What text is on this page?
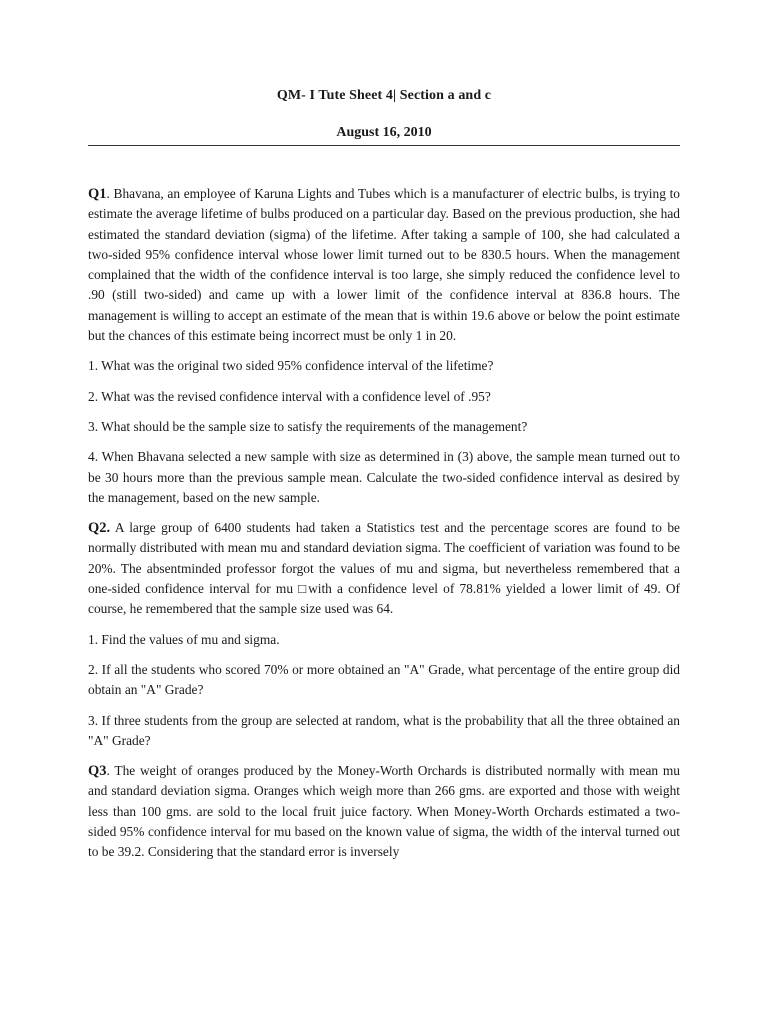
QM- I Tute Sheet 4| Section a and c
August 16, 2010

Q1. Bhavana, an employee of Karuna Lights and Tubes which is a manufacturer of electric bulbs, is trying to estimate the average lifetime of bulbs produced on a particular day. Based on the previous production, she had estimated the standard deviation (sigma) of the lifetime. After taking a sample of 100, she had calculated a two-sided 95% confidence interval whose lower limit turned out to be 830.5 hours. When the management complained that the width of the confidence interval is too large, she simply reduced the confidence level to .90 (still two-sided) and came up with a lower limit of the confidence interval at 836.8 hours. The management is willing to accept an estimate of the mean that is within 19.6 above or below the point estimate but the chances of this estimate being incorrect must be only 1 in 20.

1. What was the original two sided 95% confidence interval of the lifetime?

2. What was the revised confidence interval with a confidence level of .95?

3. What should be the sample size to satisfy the requirements of the management?

4. When Bhavana selected a new sample with size as determined in (3) above, the sample mean turned out to be 30 hours more than the previous sample mean. Calculate the two-sided confidence interval as desired by the management, based on the new sample.

Q2. A large group of 6400 students had taken a Statistics test and the percentage scores are found to be normally distributed with mean mu and standard deviation sigma. The coefficient of variation was found to be 20%. The absentminded professor forgot the values of mu and sigma, but nevertheless remembered that a one-sided confidence interval for mu □with a confidence level of 78.81% yielded a lower limit of 49. Of course, he remembered that the sample size used was 64.

1. Find the values of mu and sigma.

2. If all the students who scored 70% or more obtained an "A" Grade, what percentage of the entire group did obtain an "A" Grade?

3. If three students from the group are selected at random, what is the probability that all the three obtained an "A" Grade?

Q3. The weight of oranges produced by the Money-Worth Orchards is distributed normally with mean mu and standard deviation sigma. Oranges which weigh more than 266 gms. are exported and those with weight less than 100 gms. are sold to the local fruit juice factory. When Money-Worth Orchards estimated a two-sided 95% confidence interval for mu based on the known value of sigma, the width of the interval turned out to be 39.2. Considering that the standard error is inversely
